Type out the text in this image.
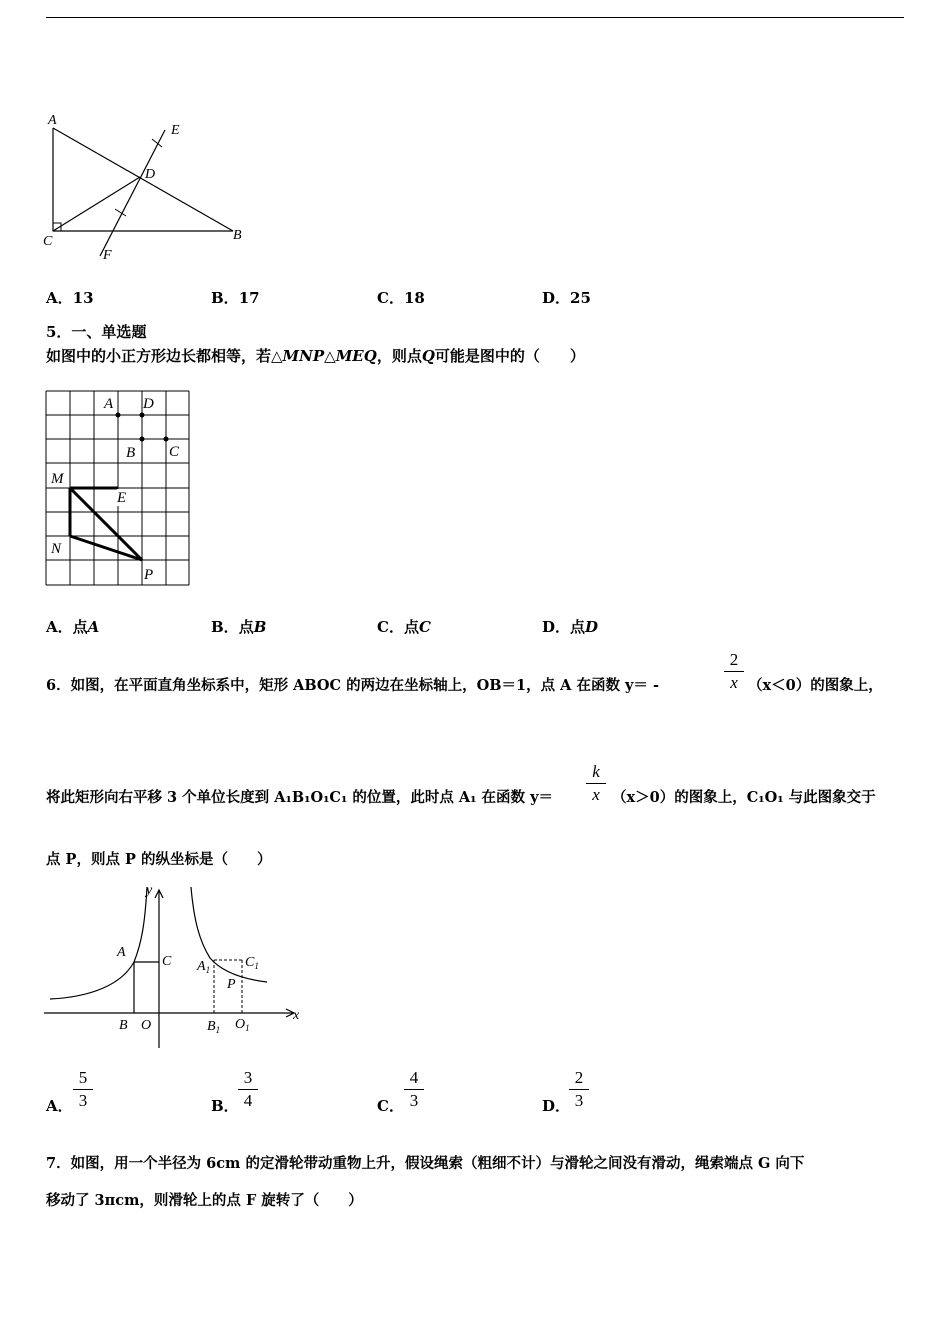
A
E
D
C	B
F
A．13	B．17	C．18	D．25
5．一、单选题
如图中的小正方形边长都相等，若△MNP△MEQ，则点Q可能是图中的（　　）
A D
B C
M
E
N
P
A．点A	B．点B	C．点C	D．点D
6．如图，在平面直角坐标系中，矩形 ABOC 的两边在坐标轴上，OB＝1，点 A 在函数 y＝ -
2
x （x＜0）的图象上，
将此矩形向右平移 3 个单位长度到 A₁B₁O₁C₁ 的位置，此时点 A₁ 在函数 y＝
k
x （x＞0）的图象上，C₁O₁ 与此图象交于
点 P，则点 P 的纵坐标是（　　）
y
x
A
C
B O
$A_1$ $C_1$
P
$B_1$ $O_1$
A．
5
3	B．
3
4	C．
4
3	D．
2
3
7．如图，用一个半径为 6cm 的定滑轮带动重物上升，假设绳索（粗细不计）与滑轮之间没有滑动，绳索端点 G 向下
移动了 3πcm，则滑轮上的点 F 旋转了（　　）
